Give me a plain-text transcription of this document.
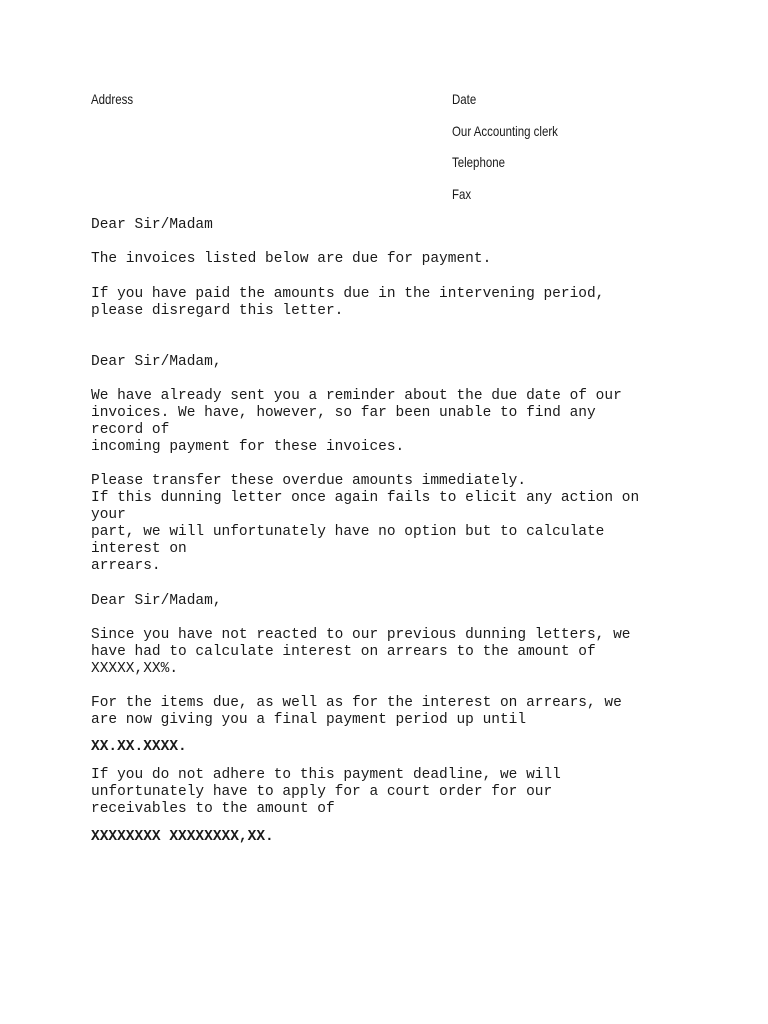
Address	Date
Our Accounting clerk
Telephone
Fax
Dear Sir/Madam
The invoices listed below are due for payment.
If you have paid the amounts due in the intervening period,
please disregard this letter.
Dear Sir/Madam,
We have already sent you a reminder about the due date of our
invoices. We have, however, so far been unable to find any
record of
incoming payment for these invoices.
Please transfer these overdue amounts immediately.
If this dunning letter once again fails to elicit any action on
your
part, we will unfortunately have no option but to calculate
interest on
arrears.
Dear Sir/Madam,
Since you have not reacted to our previous dunning letters, we
have had to calculate interest on arrears to the amount of
XXXXX,XX%.
For the items due, as well as for the interest on arrears, we
are now giving you a final payment period up until
XX.XX.XXXX.
If you do not adhere to this payment deadline, we will
unfortunately have to apply for a court order for our
receivables to the amount of
XXXXXXXX XXXXXXXX,XX.
